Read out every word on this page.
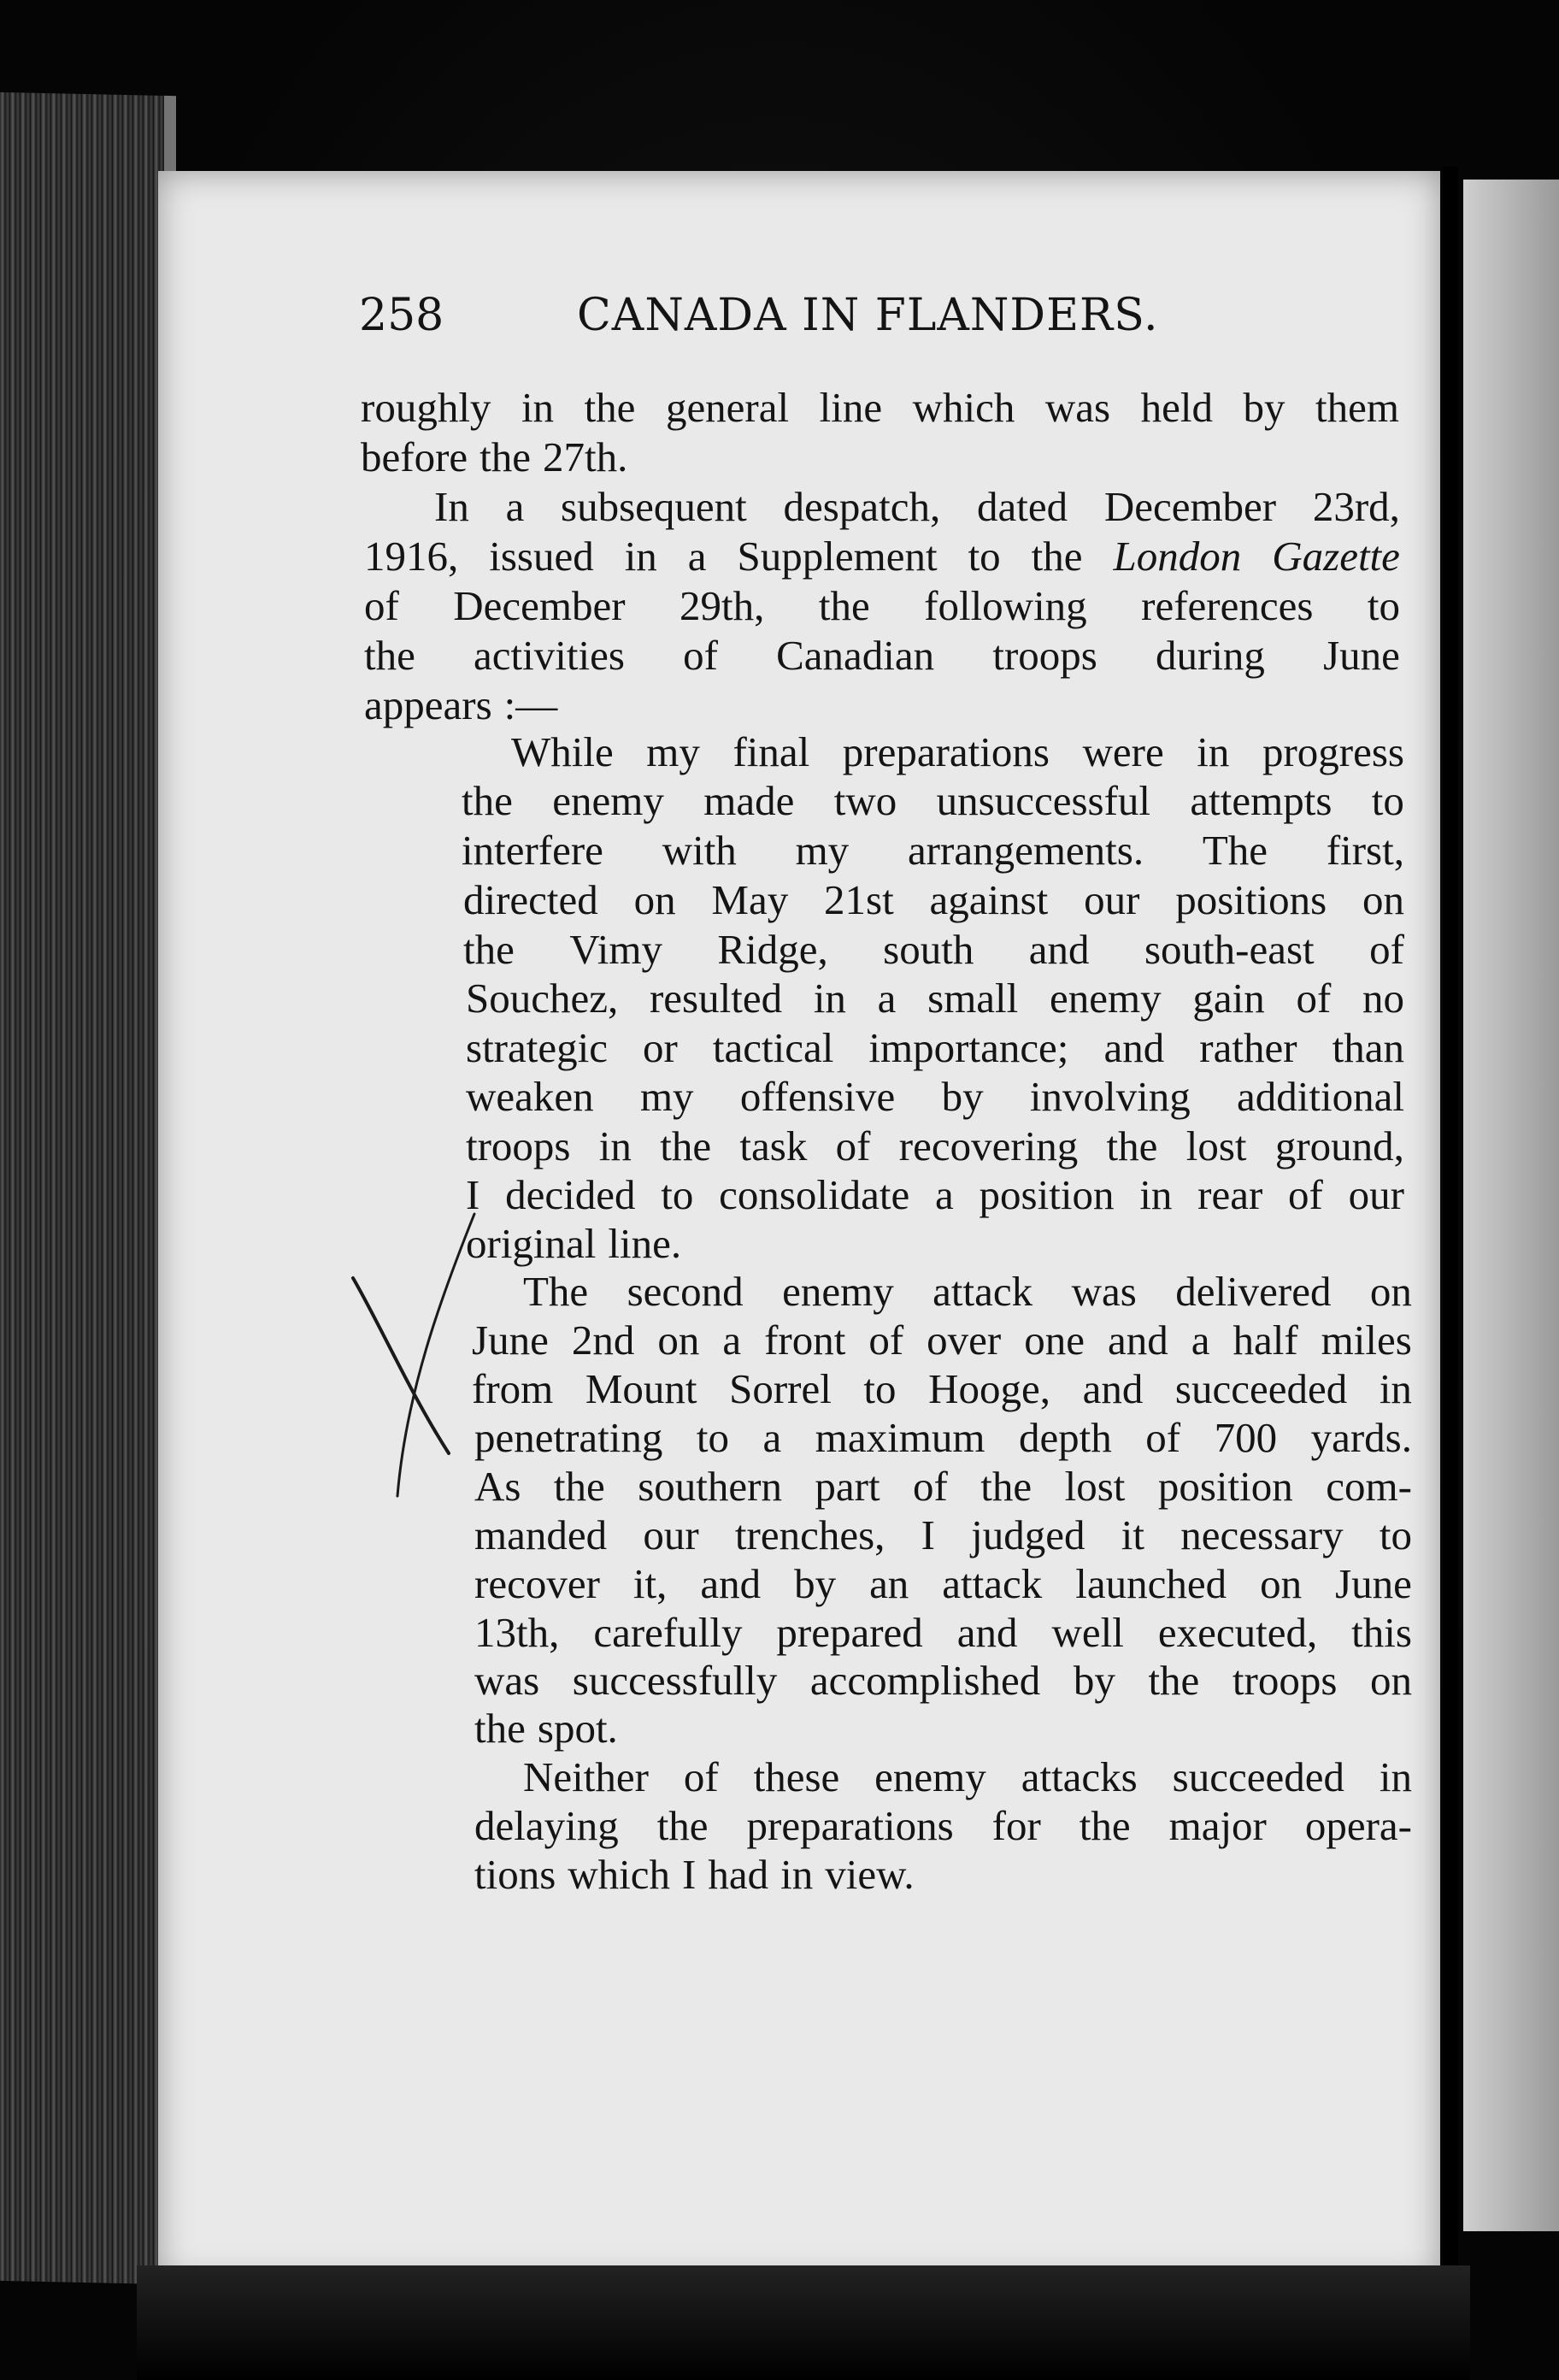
258	CANADA IN FLANDERS.
roughly in the general line which was held by them
before the 27th.
In a subsequent despatch, dated December 23rd,
1916, issued in a Supplement to the London Gazette
of December 29th, the following references to
the activities of Canadian troops during June
appears :—
While my final preparations were in progress
the enemy made two unsuccessful attempts to
interfere with my arrangements. The first,
directed on May 21st against our positions on
the Vimy Ridge, south and south-east of
Souchez, resulted in a small enemy gain of no
strategic or tactical importance; and rather than
weaken my offensive by involving additional
troops in the task of recovering the lost ground,
I decided to consolidate a position in rear of our
original line.
The second enemy attack was delivered on
June 2nd on a front of over one and a half miles
from Mount Sorrel to Hooge, and succeeded in
penetrating to a maximum depth of 700 yards.
As the southern part of the lost position com-
manded our trenches, I judged it necessary to
recover it, and by an attack launched on June
13th, carefully prepared and well executed, this
was successfully accomplished by the troops on
the spot.
Neither of these enemy attacks succeeded in
delaying the preparations for the major opera-
tions which I had in view.
